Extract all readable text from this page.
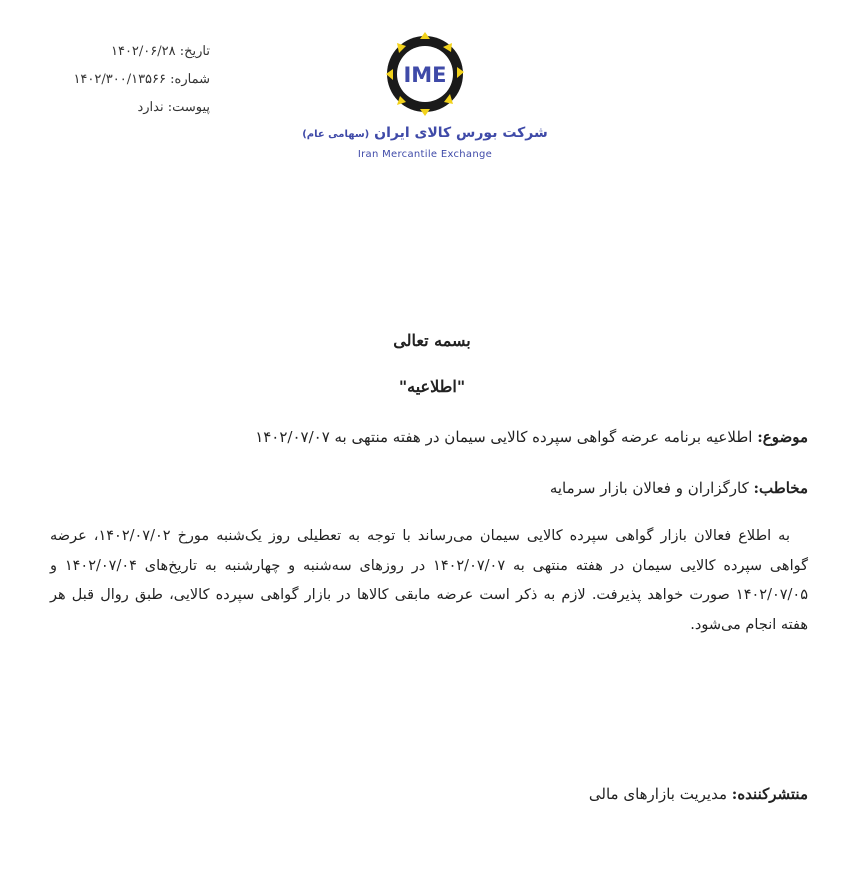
تاریخ: ۱۴۰۲/۰۶/۲۸
شماره: ۱۴۰۲/۳۰۰/۱۳۵۶۶
پیوست: ندارد
IME
شرکت بورس کالای ایران (سهامی عام)
Iran Mercantile Exchange
بسمه تعالی
"اطلاعیه"
موضوع: اطلاعیه برنامه عرضه گواهی سپرده کالایی سیمان در هفته منتهی به ۱۴۰۲/۰۷/۰۷
مخاطب: کارگزاران و فعالان بازار سرمایه
به اطلاع فعالان بازار گواهی سپرده کالایی سیمان می‌رساند با توجه به تعطیلی روز یک‌شنبه مورخ ۱۴۰۲/۰۷/۰۲، عرضه گواهی سپرده کالایی سیمان در هفته منتهی به ۱۴۰۲/۰۷/۰۷ در روزهای سه‌شنبه و چهارشنبه به تاریخ‌های ۱۴۰۲/۰۷/۰۴ و ۱۴۰۲/۰۷/۰۵ صورت خواهد پذیرفت. لازم به ذکر است عرضه مابقی کالاها در بازار گواهی سپرده کالایی، طبق روال قبل هر هفته انجام می‌شود.
منتشرکننده: مدیریت بازارهای مالی
